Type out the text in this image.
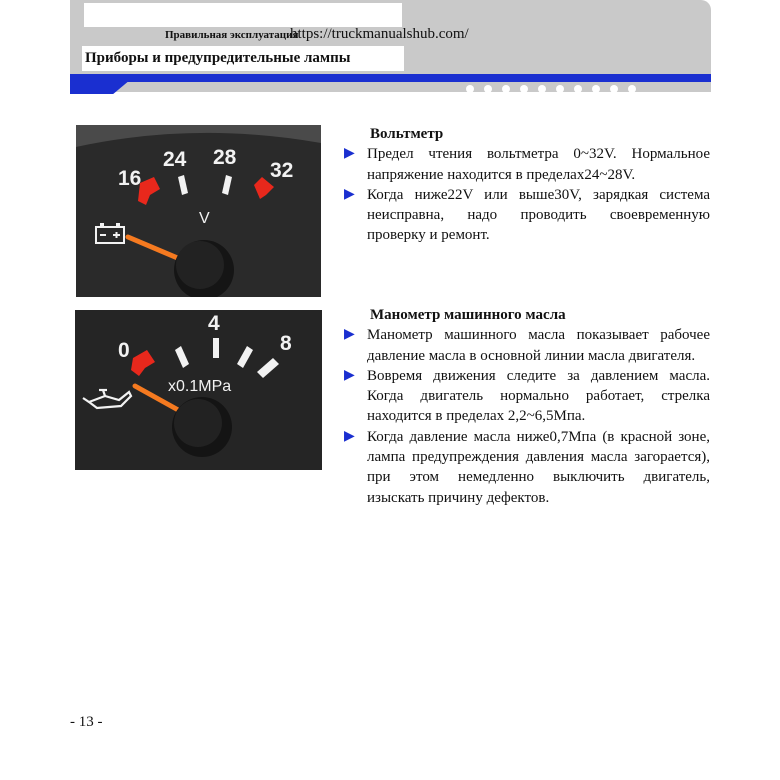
Правильная эксплуатация
https://truckmanualshub.com/
Приборы и предупредительные лампы
16
24 28
32
V
0
4
8
x0.1MPa
Вольтметр
▶ Предел чтения вольтметра 0~32V. Нормальное напряжение находится в пределах24~28V.
▶ Когда ниже22V или выше30V, зарядкая система неисправна, надо проводить своевременную проверку и ремонт.
Манометр машинного масла
▶ Манометр машинного масла показывает рабочее давление масла в основной линии масла двигателя.
▶ Вовремя движения следите за давлением масла. Когда двигатель нормально работает, стрелка находится в пределах 2,2~6,5Мпа.
▶ Когда давление масла ниже0,7Мпа (в красной зоне, лампа предупреждения давления масла загорается), при этом немедленно выключить двигатель, изыскать причину дефектов.
- 13 -
